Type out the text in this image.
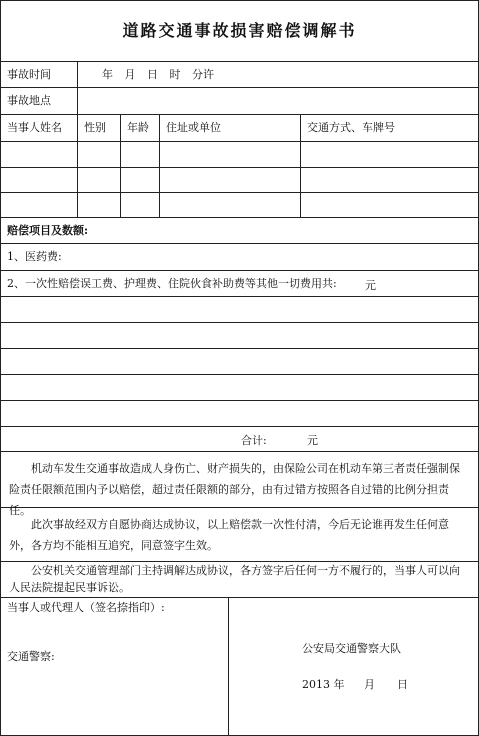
道路交通事故损害赔偿调解书
事故时间	年 月 日 时 分许
事故地点
当事人姓名	性别	年龄	住址或单位	交通方式、车牌号
赔偿项目及数额:
1、医药费:
2、一次性赔偿误工费、护理费、住院伙食补助费等其他一切费用共:	元
合计:	元
机动车发生交通事故造成人身伤亡、财产损失的，由保险公司在机动车第三者责任强制保险责任限额范围内予以赔偿，超过责任限额的部分，由有过错方按照各自过错的比例分担责任。
此次事故经双方自愿协商达成协议，以上赔偿款一次性付清，今后无论谁再发生任何意外，各方均不能相互追究，同意签字生效。
公安机关交通管理部门主持调解达成协议，各方签字后任何一方不履行的，当事人可以向人民法院提起民事诉讼。
当事人或代理人（签名捺指印）:
交通警察:
公安局交通警察大队
2013 年 月 日
